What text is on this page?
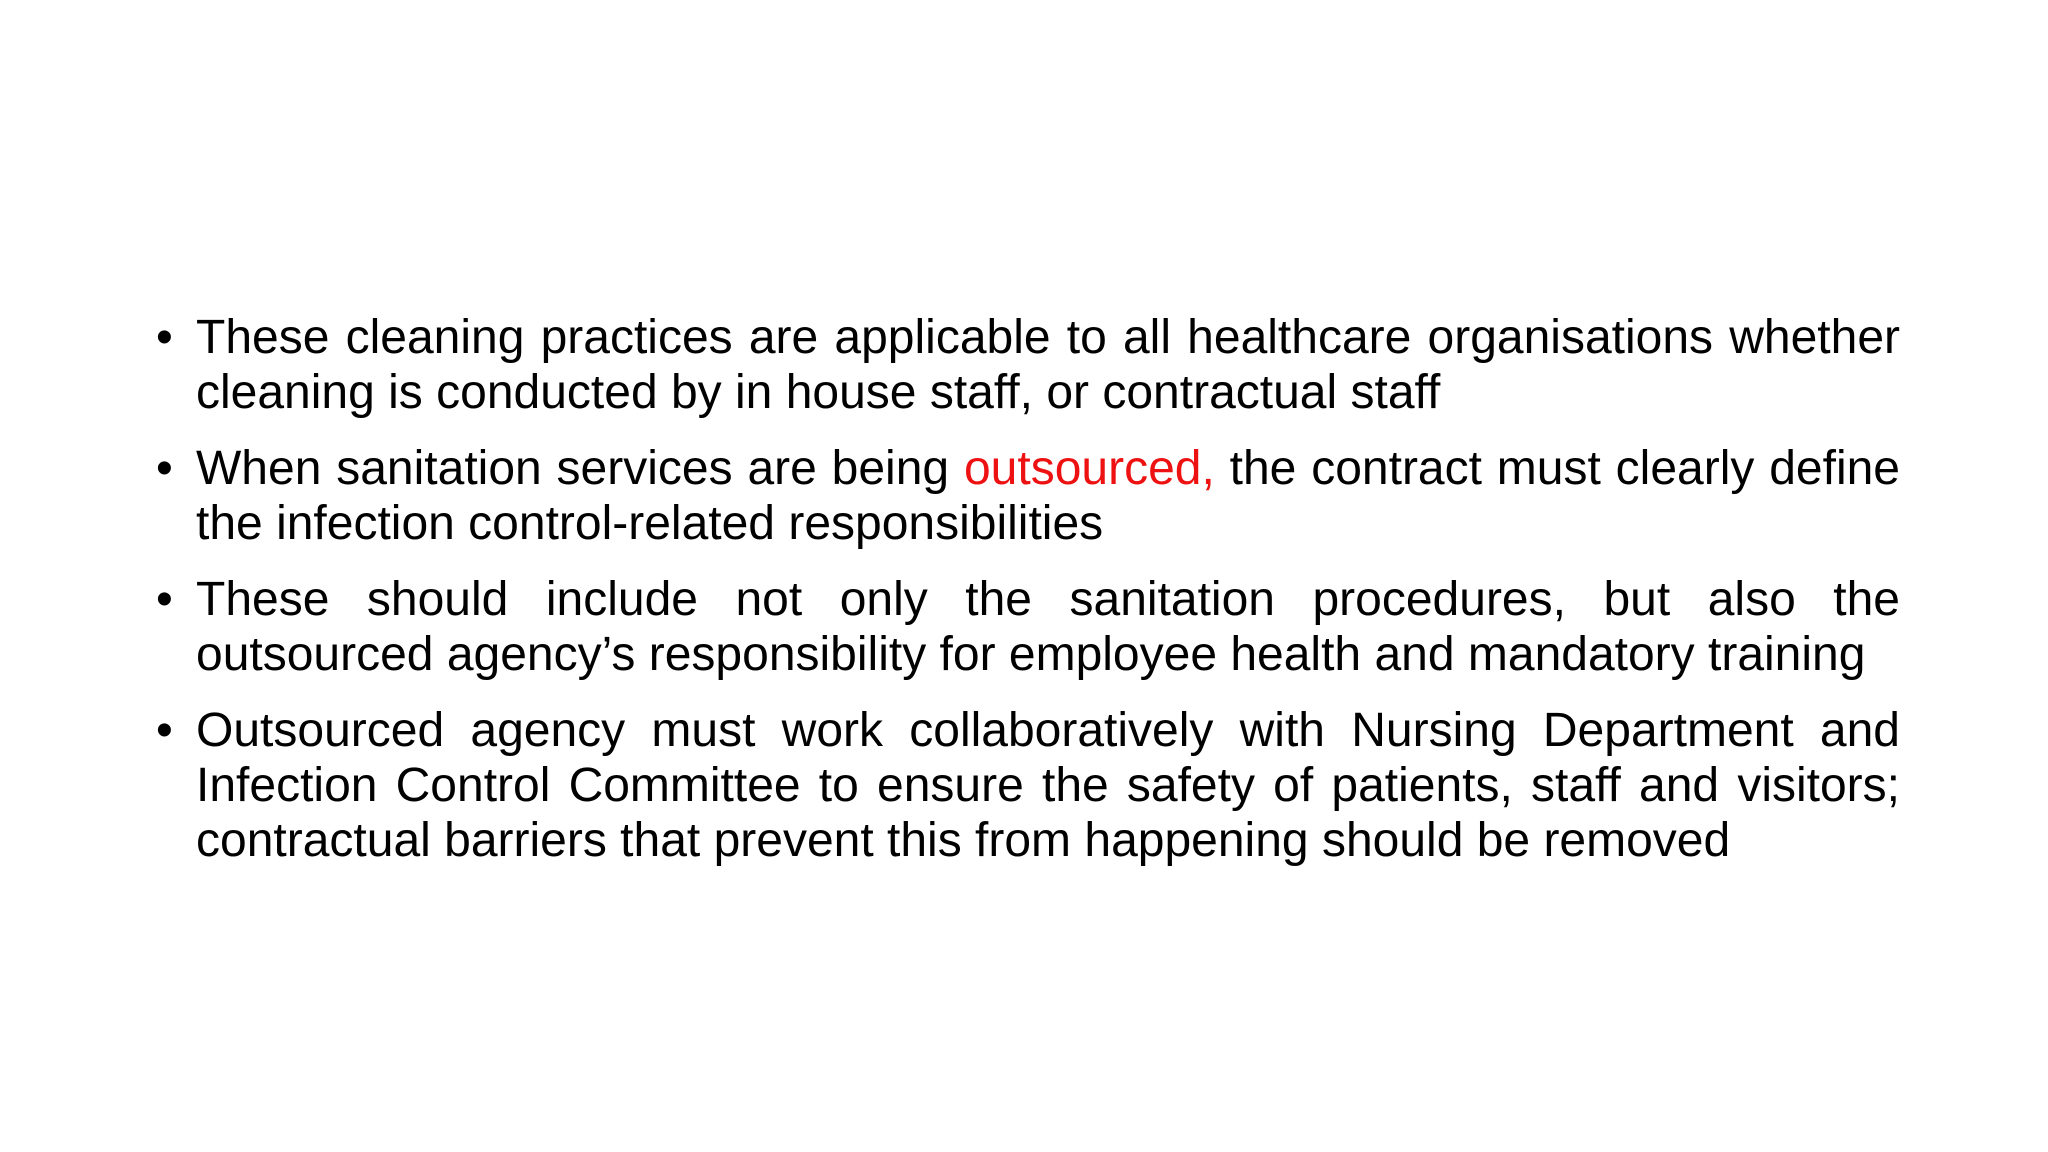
• These cleaning practices are applicable to all healthcare organisations whether cleaning is conducted by in house staff, or contractual staff
• When sanitation services are being outsourced, the contract must clearly define the infection control-related responsibilities
• These should include not only the sanitation procedures, but also the outsourced agency’s responsibility for employee health and mandatory training
• Outsourced agency must work collaboratively with Nursing Department and Infection Control Committee to ensure the safety of patients, staff and visitors; contractual barriers that prevent this from happening should be removed
